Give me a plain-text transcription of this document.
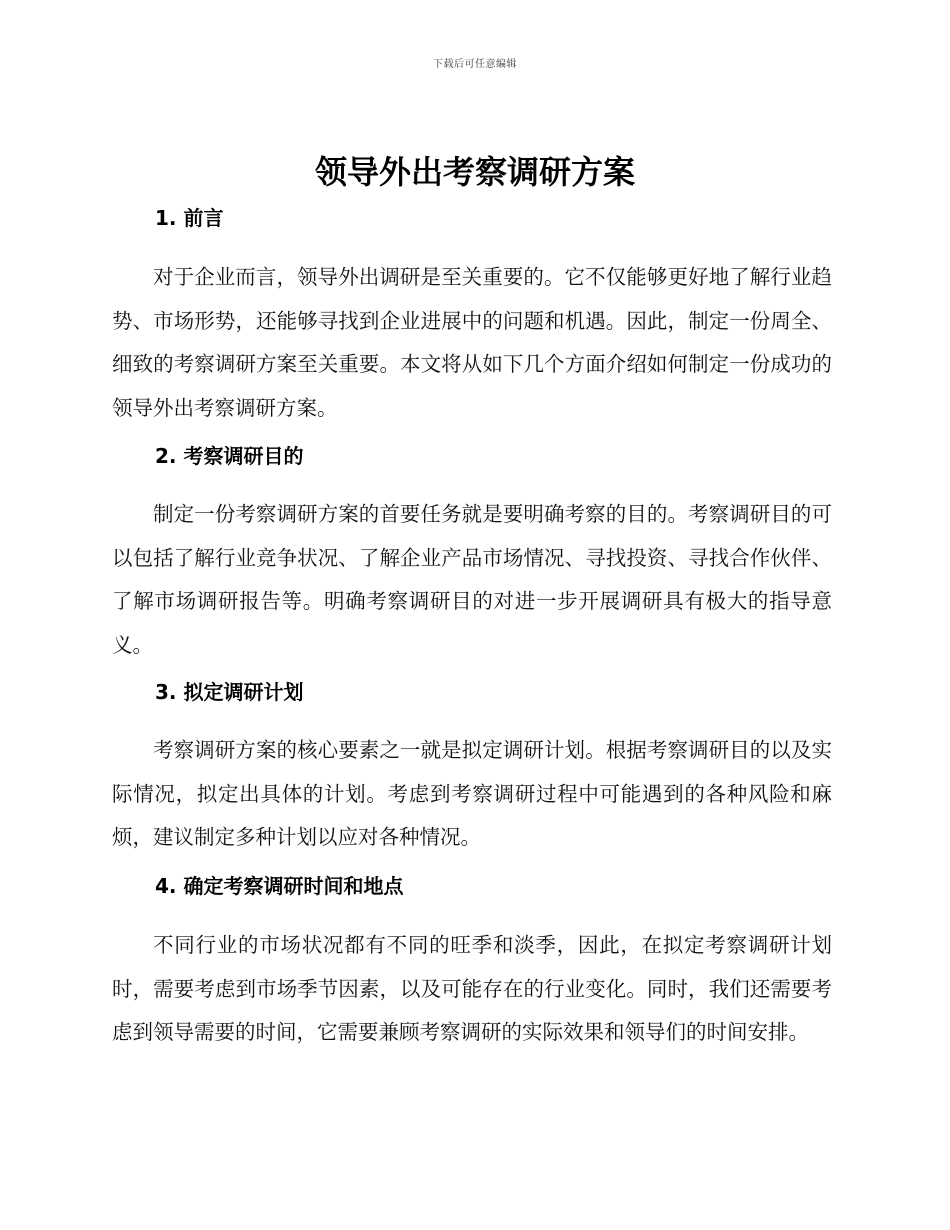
下载后可任意编辑
领导外出考察调研方案
1. 前言

对于企业而言，领导外出调研是至关重要的。它不仅能够更好地了解行业趋势、市场形势，还能够寻找到企业进展中的问题和机遇。因此，制定一份周全、细致的考察调研方案至关重要。本文将从如下几个方面介绍如何制定一份成功的领导外出考察调研方案。

2. 考察调研目的

制定一份考察调研方案的首要任务就是要明确考察的目的。考察调研目的可以包括了解行业竞争状况、了解企业产品市场情况、寻找投资、寻找合作伙伴、了解市场调研报告等。明确考察调研目的对进一步开展调研具有极大的指导意义。

3. 拟定调研计划

考察调研方案的核心要素之一就是拟定调研计划。根据考察调研目的以及实际情况，拟定出具体的计划。考虑到考察调研过程中可能遇到的各种风险和麻烦，建议制定多种计划以应对各种情况。

4. 确定考察调研时间和地点

不同行业的市场状况都有不同的旺季和淡季，因此，在拟定考察调研计划时，需要考虑到市场季节因素，以及可能存在的行业变化。同时，我们还需要考虑到领导需要的时间，它需要兼顾考察调研的实际效果和领导们的时间安排。
